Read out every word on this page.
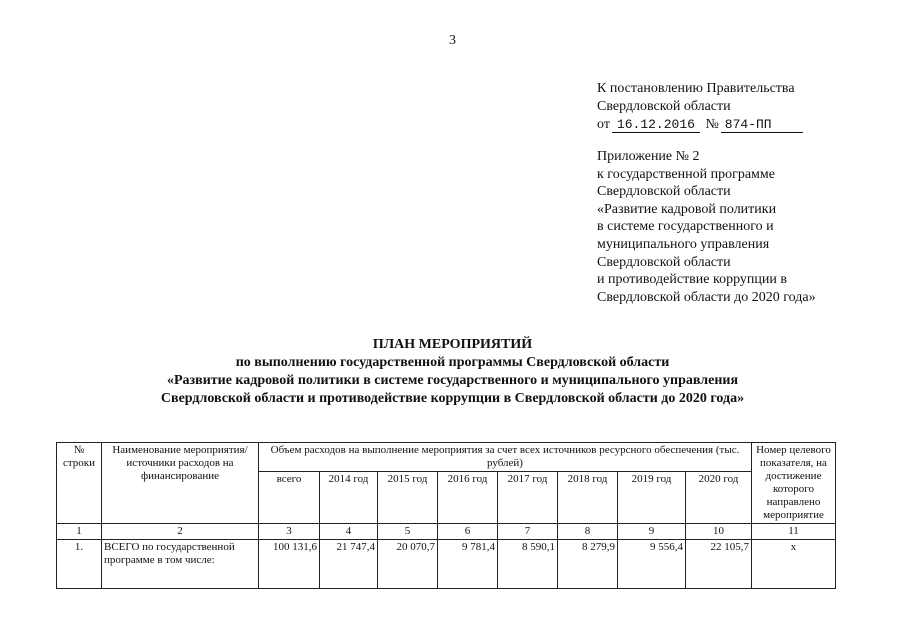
3
К постановлению Правительства
Свердловской области
от 16.12.2016 № 874-ПП
Приложение № 2
к государственной программе
Свердловской области
«Развитие кадровой политики
в системе государственного и
муниципального управления
Свердловской области
и противодействие коррупции в
Свердловской области до 2020 года»
ПЛАН МЕРОПРИЯТИЙ
по выполнению государственной программы Свердловской области
«Развитие кадровой политики в системе государственного и муниципального управления
Свердловской области и противодействие коррупции в Свердловской области до 2020 года»
№ строки	Наименование мероприятия/источники расходов на финансирование	Объем расходов на выполнение мероприятия за счет всех источников ресурсного обеспечения (тыс. рублей)								Номер целевого показателя, на достижение которого направлено мероприятие
		всего	2014 год	2015 год	2016 год	2017 год	2018 год	2019 год	2020 год	
1	2	3	4	5	6	7	8	9	10	11
1.	ВСЕГО по государственной программе в том числе:	100 131,6	21 747,4	20 070,7	9 781,4	8 590,1	8 279,9	9 556,4	22 105,7	х
